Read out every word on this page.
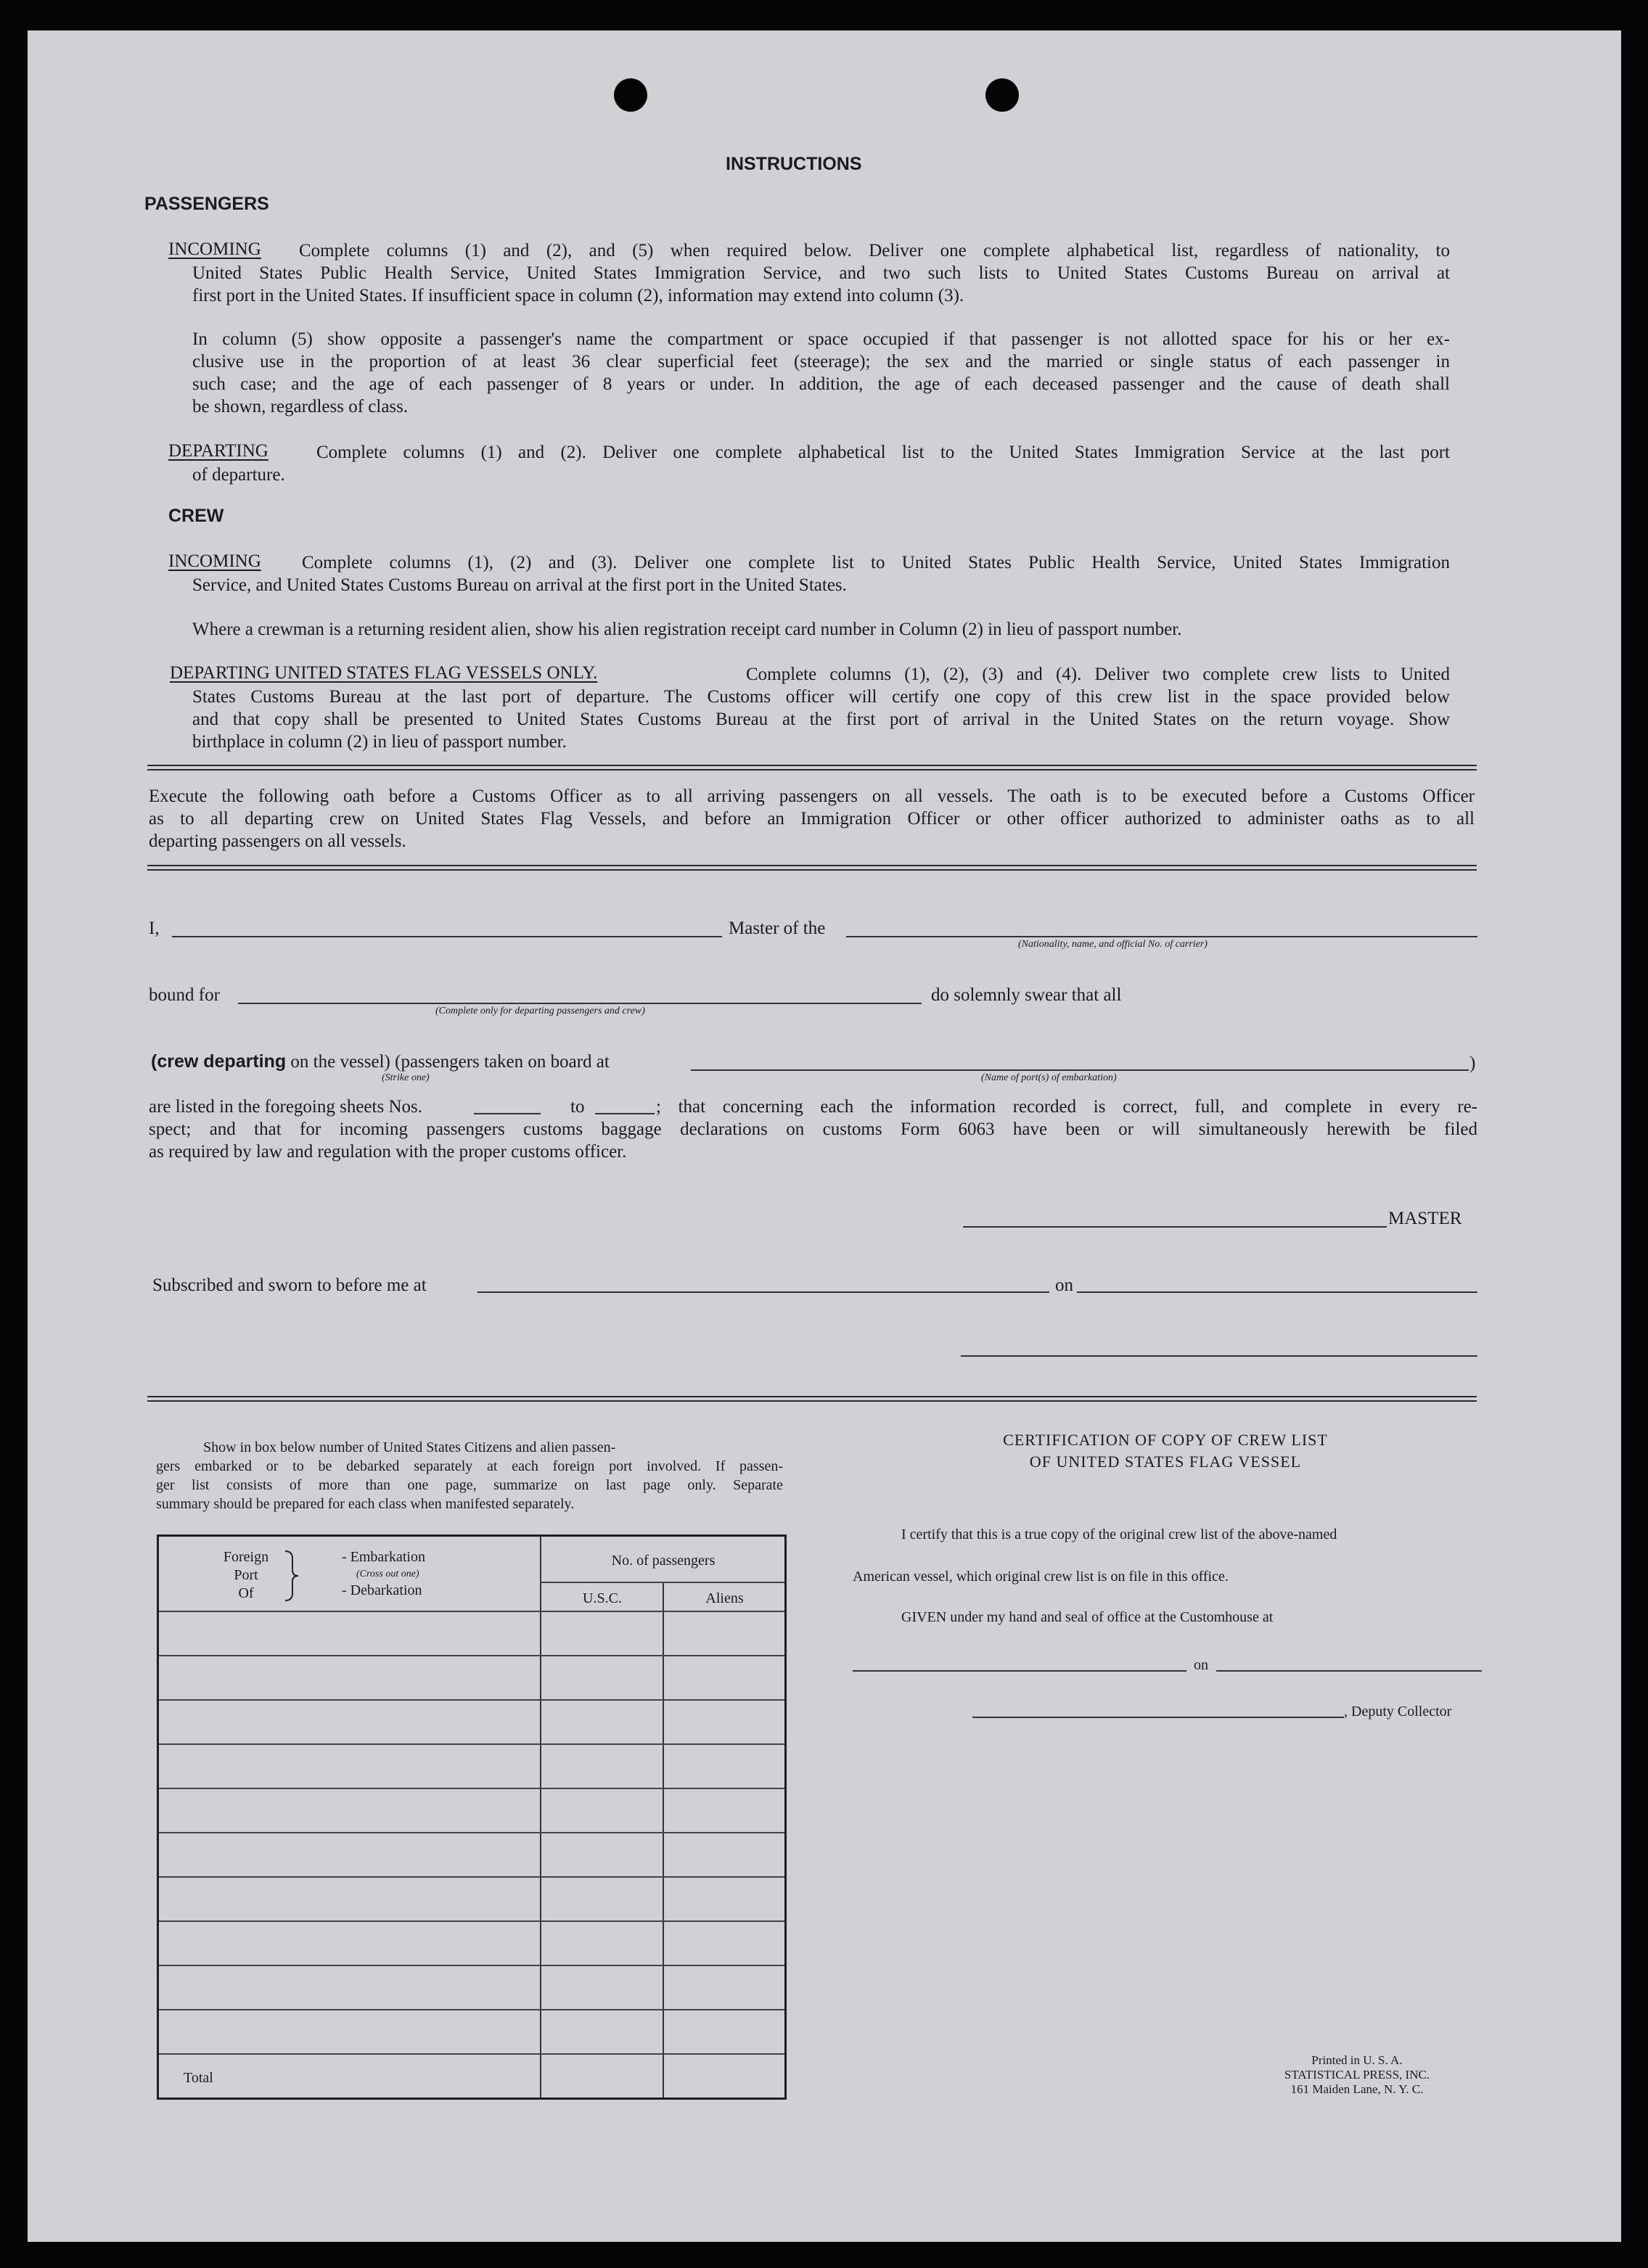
INSTRUCTIONS
PASSENGERS
INCOMING Complete columns (1) and (2), and (5) when required below. Deliver one complete alphabetical list, regardless of nationality, to
United States Public Health Service, United States Immigration Service, and two such lists to United States Customs Bureau on arrival at
first port in the United States. If insufficient space in column (2), information may extend into column (3).
In column (5) show opposite a passenger's name the compartment or space occupied if that passenger is not allotted space for his or her ex-
clusive use in the proportion of at least 36 clear superficial feet (steerage); the sex and the married or single status of each passenger in
such case; and the age of each passenger of 8 years or under. In addition, the age of each deceased passenger and the cause of death shall
be shown, regardless of class.
DEPARTING	Complete columns (1) and (2). Deliver one complete alphabetical list to the United States Immigration Service at the last port
of departure.
CREW
INCOMING Complete columns (1), (2) and (3). Deliver one complete list to United States Public Health Service, United States Immigration
Service, and United States Customs Bureau on arrival at the first port in the United States.
Where a crewman is a returning resident alien, show his alien registration receipt card number in Column (2) in lieu of passport number.
DEPARTING UNITED STATES FLAG VESSELS ONLY.	Complete columns (1), (2), (3) and (4). Deliver two complete crew lists to United
States Customs Bureau at the last port of departure. The Customs officer will certify one copy of this crew list in the space provided below
and that copy shall be presented to United States Customs Bureau at the first port of arrival in the United States on the return voyage. Show
birthplace in column (2) in lieu of passport number.
Execute the following oath before a Customs Officer as to all arriving passengers on all vessels. The oath is to be executed before a Customs Officer
as to all departing crew on United States Flag Vessels, and before an Immigration Officer or other officer authorized to administer oaths as to all
departing passengers on all vessels.
I,	Master of the
(Nationality, name, and official No. of carrier)
bound for
(Complete only for departing passengers and crew)
do solemnly swear that all
(crew departing on the vessel) (passengers taken on board at	)
(Strike one)	(Name of port(s) of embarkation)
are listed in the foregoing sheets Nos.	to	; that concerning each the information recorded is correct, full, and complete in every re-
spect; and that for incoming passengers customs baggage declarations on customs Form 6063 have been or will simultaneously herewith be filed
as required by law and regulation with the proper customs officer.
MASTER
Subscribed and sworn to before me at	on
Show in box below number of United States Citizens and alien passen-
gers embarked or to be debarked separately at each foreign port involved. If passen-
ger list consists of more than one page, summarize on last page only. Separate
summary should be prepared for each class when manifested separately.
Foreign
Port
Of
- Embarkation
(Cross out one)
- Debarkation
No. of passengers
U.S.C.	Aliens
Total
CERTIFICATION OF COPY OF CREW LIST
OF UNITED STATES FLAG VESSEL
I certify that this is a true copy of the original crew list of the above-named
American vessel, which original crew list is on file in this office.
GIVEN under my hand and seal of office at the Customhouse at
on
, Deputy Collector
Printed in U. S. A.
STATISTICAL PRESS, INC.
161 Maiden Lane, N. Y. C.
